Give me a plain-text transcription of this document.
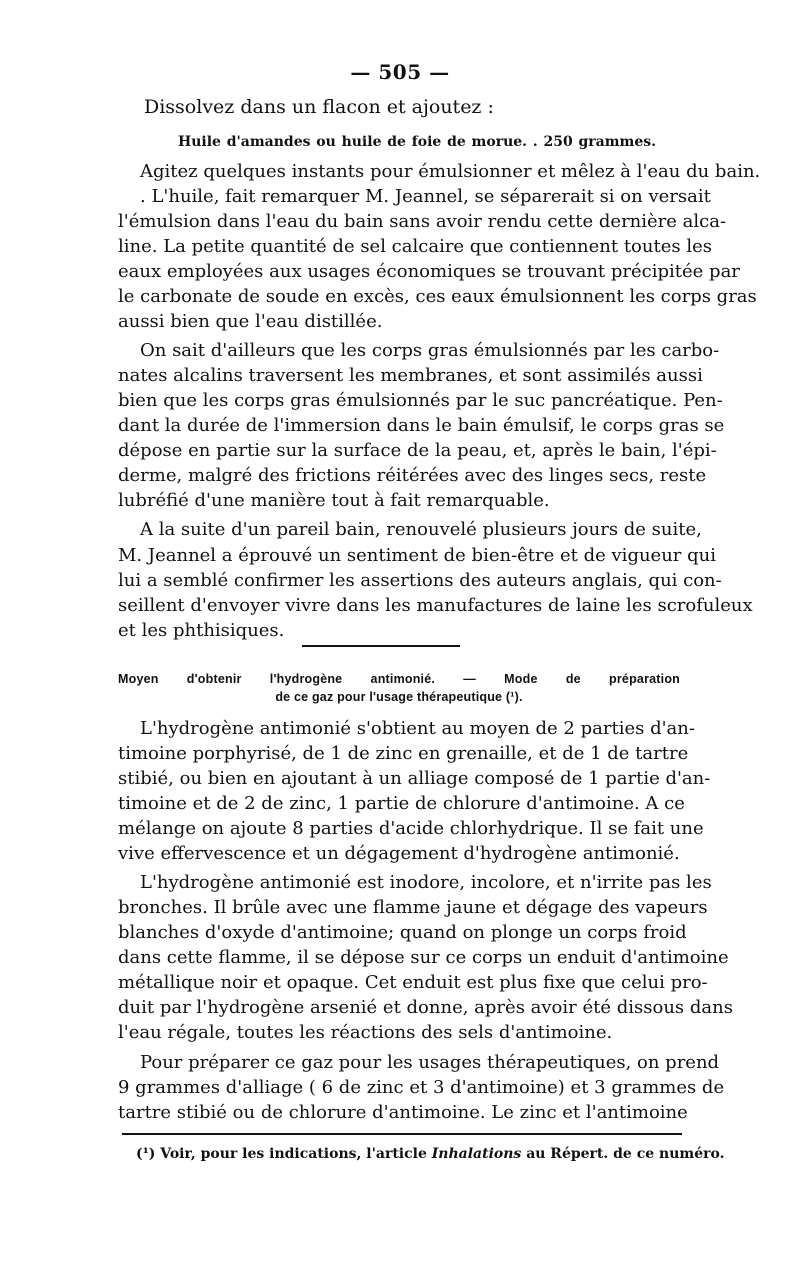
— 505 —
Dissolvez dans un flacon et ajoutez :
Huile d'amandes ou huile de foie de morue. . 250 grammes.
Agitez quelques instants pour émulsionner et mêlez à l'eau du bain.
. L'huile, fait remarquer M. Jeannel, se séparerait si on versait
l'émulsion dans l'eau du bain sans avoir rendu cette dernière alca-
line. La petite quantité de sel calcaire que contiennent toutes les
eaux employées aux usages économiques se trouvant précipitée par
le carbonate de soude en excès, ces eaux émulsionnent les corps gras
aussi bien que l'eau distillée.
On sait d'ailleurs que les corps gras émulsionnés par les carbo-
nates alcalins traversent les membranes, et sont assimilés aussi
bien que les corps gras émulsionnés par le suc pancréatique. Pen-
dant la durée de l'immersion dans le bain émulsif, le corps gras se
dépose en partie sur la surface de la peau, et, après le bain, l'épi-
derme, malgré des frictions réitérées avec des linges secs, reste
lubréfié d'une manière tout à fait remarquable.
A la suite d'un pareil bain, renouvelé plusieurs jours de suite,
M. Jeannel a éprouvé un sentiment de bien-être et de vigueur qui
lui a semblé confirmer les assertions des auteurs anglais, qui con-
seillent d'envoyer vivre dans les manufactures de laine les scrofuleux
et les phthisiques.
Moyen d'obtenir l'hydrogène antimonié. — Mode de préparation
de ce gaz pour l'usage thérapeutique (¹).
L'hydrogène antimonié s'obtient au moyen de 2 parties d'an-
timoine porphyrisé, de 1 de zinc en grenaille, et de 1 de tartre
stibié, ou bien en ajoutant à un alliage composé de 1 partie d'an-
timoine et de 2 de zinc, 1 partie de chlorure d'antimoine. A ce
mélange on ajoute 8 parties d'acide chlorhydrique. Il se fait une
vive effervescence et un dégagement d'hydrogène antimonié.
L'hydrogène antimonié est inodore, incolore, et n'irrite pas les
bronches. Il brûle avec une flamme jaune et dégage des vapeurs
blanches d'oxyde d'antimoine; quand on plonge un corps froid
dans cette flamme, il se dépose sur ce corps un enduit d'antimoine
métallique noir et opaque. Cet enduit est plus fixe que celui pro-
duit par l'hydrogène arsenié et donne, après avoir été dissous dans
l'eau régale, toutes les réactions des sels d'antimoine.
Pour préparer ce gaz pour les usages thérapeutiques, on prend
9 grammes d'alliage ( 6 de zinc et 3 d'antimoine) et 3 grammes de
tartre stibié ou de chlorure d'antimoine. Le zinc et l'antimoine
(¹) Voir, pour les indications, l'article Inhalations au Répert. de ce numéro.
